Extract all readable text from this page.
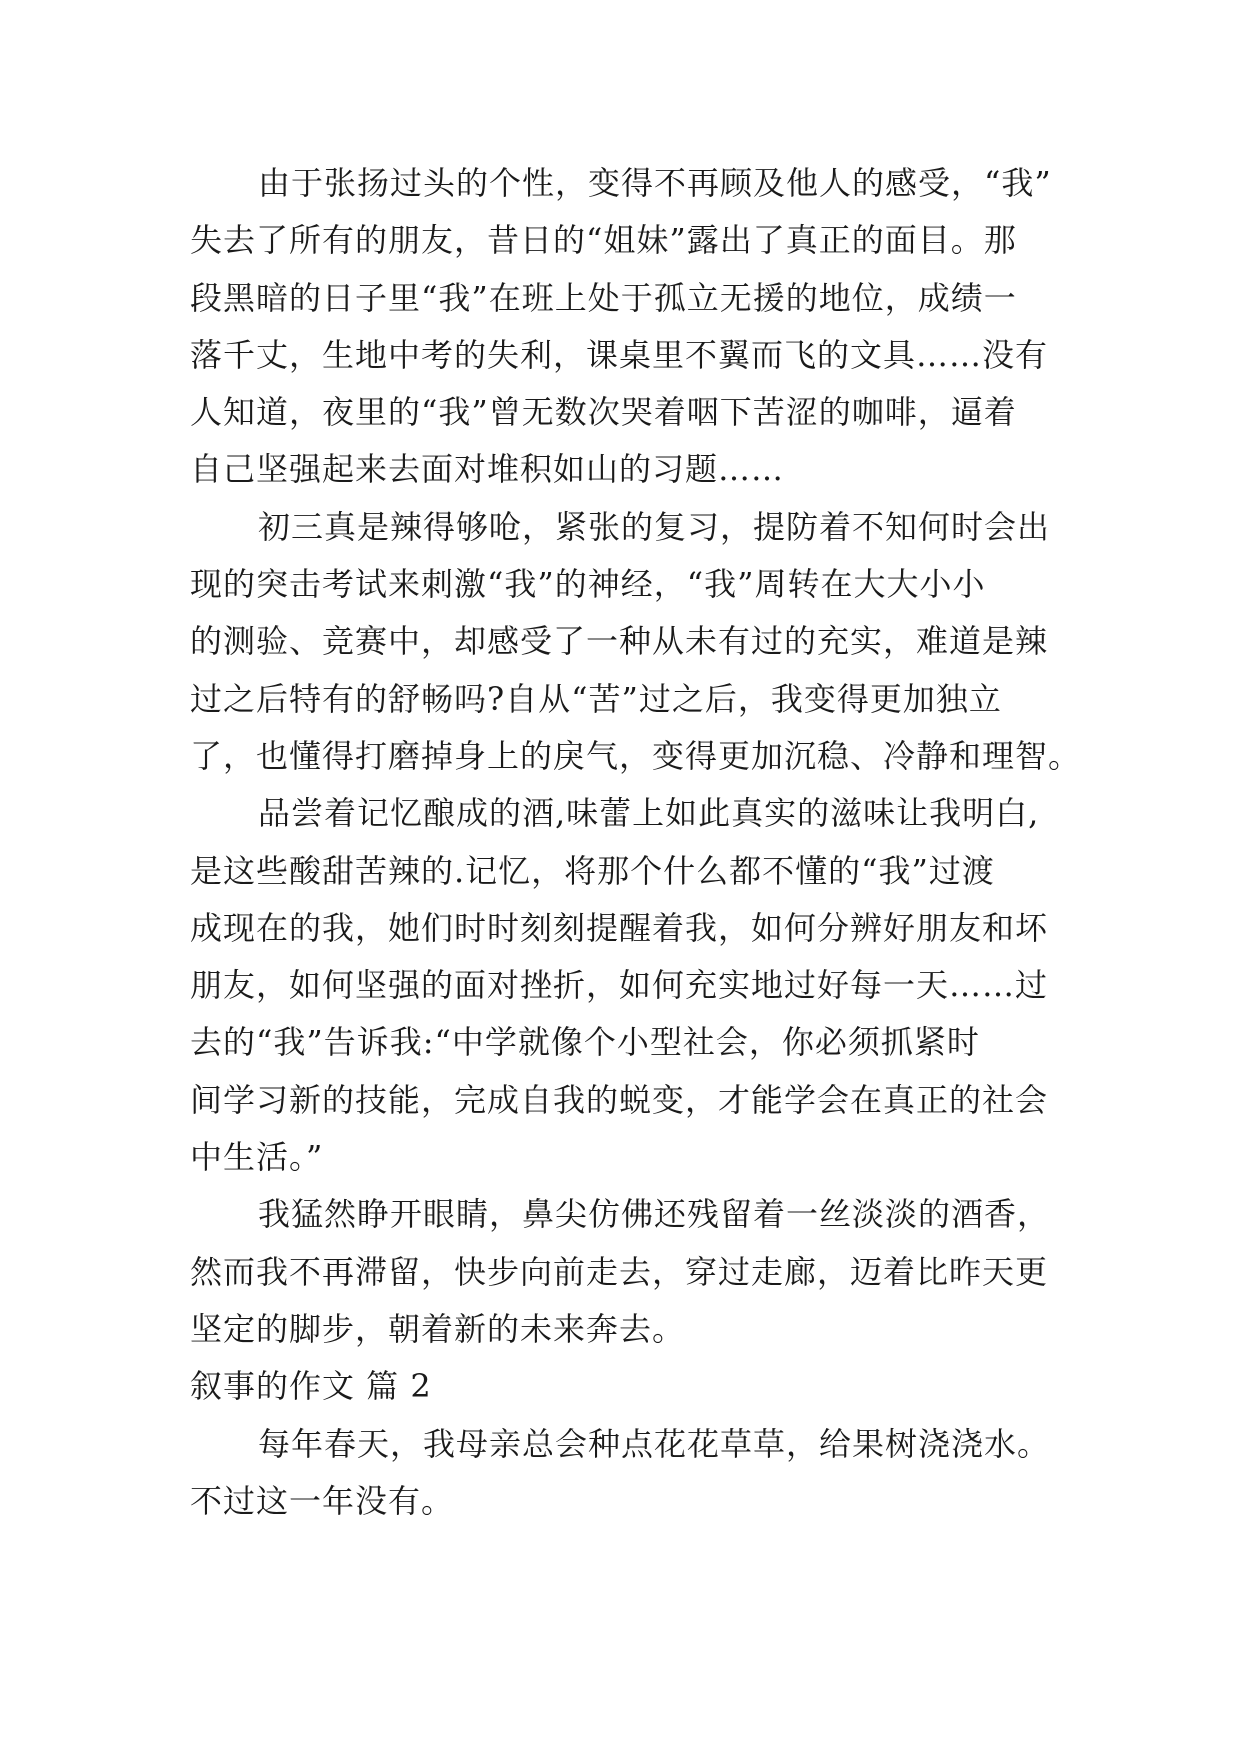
由于张扬过头的个性，变得不再顾及他人的感受，“我”
失去了所有的朋友，昔日的“姐妹”露出了真正的面目。那
段黑暗的日子里“我”在班上处于孤立无援的地位，成绩一
落千丈，生地中考的失利，课桌里不翼而飞的文具……没有
人知道，夜里的“我”曾无数次哭着咽下苦涩的咖啡，逼着
自己坚强起来去面对堆积如山的习题……
初三真是辣得够呛，紧张的复习，提防着不知何时会出
现的突击考试来刺激“我”的神经，“我”周转在大大小小
的测验、竞赛中，却感受了一种从未有过的充实，难道是辣
过之后特有的舒畅吗?自从“苦”过之后，我变得更加独立
了，也懂得打磨掉身上的戾气，变得更加沉稳、冷静和理智。
品尝着记忆酿成的酒,味蕾上如此真实的滋味让我明白,
是这些酸甜苦辣的.记忆，将那个什么都不懂的“我”过渡
成现在的我，她们时时刻刻提醒着我，如何分辨好朋友和坏
朋友，如何坚强的面对挫折，如何充实地过好每一天……过
去的“我”告诉我:“中学就像个小型社会，你必须抓紧时
间学习新的技能，完成自我的蜕变，才能学会在真正的社会
中生活。”
我猛然睁开眼睛，鼻尖仿佛还残留着一丝淡淡的酒香，
然而我不再滞留，快步向前走去，穿过走廊，迈着比昨天更
坚定的脚步，朝着新的未来奔去。
叙事的作文 篇 2
每年春天，我母亲总会种点花花草草，给果树浇浇水。
不过这一年没有。
